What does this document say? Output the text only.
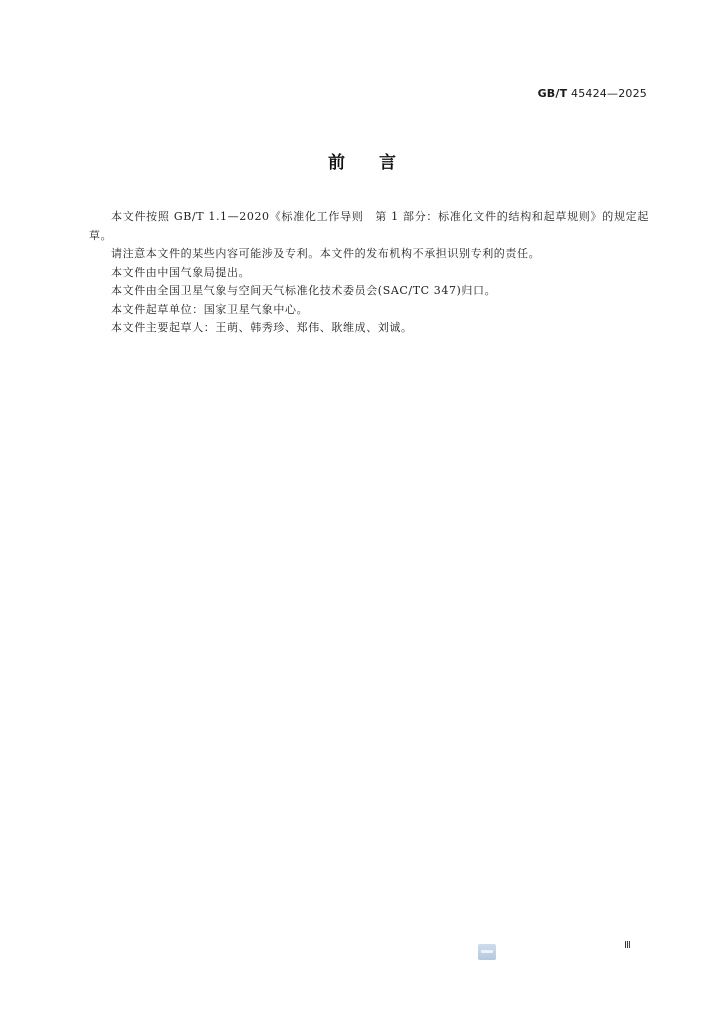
GB/T 45424—2025
前言

本文件按照 GB/T 1.1—2020《标准化工作导则　第 1 部分：标准化文件的结构和起草规则》的规定起草。

请注意本文件的某些内容可能涉及专利。本文件的发布机构不承担识别专利的责任。

本文件由中国气象局提出。

本文件由全国卫星气象与空间天气标准化技术委员会(SAC/TC 347)归口。

本文件起草单位：国家卫星气象中心。

本文件主要起草人：王萌、韩秀珍、郑伟、耿维成、刘诚。

Ⅲ
